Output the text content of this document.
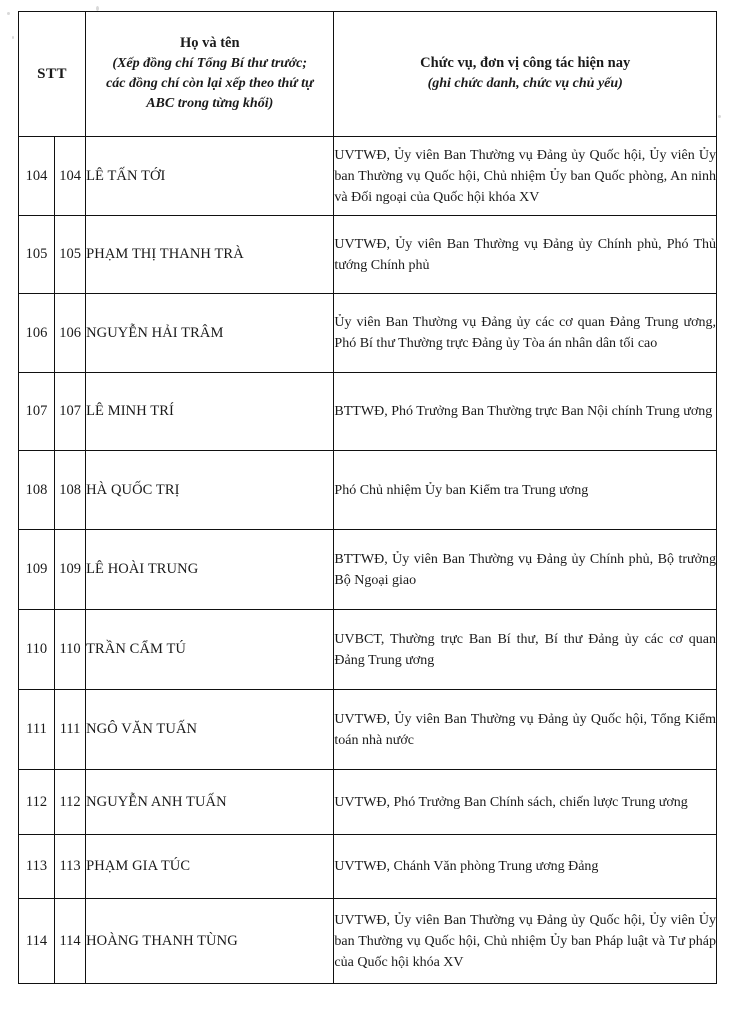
STT		Họ và tên
(Xếp đồng chí Tổng Bí thư trước;
các đồng chí còn lại xếp theo thứ tự
ABC trong từng khối)	Chức vụ, đơn vị công tác hiện nay
(ghi chức danh, chức vụ chủ yếu)

104	104	LÊ TẤN TỚI	UVTWĐ, Ủy viên Ban Thường vụ Đảng ủy Quốc hội, Ủy viên Ủy ban Thường vụ Quốc hội, Chủ nhiệm Ủy ban Quốc phòng, An ninh và Đối ngoại của Quốc hội khóa XV
105	105	PHẠM THỊ THANH TRÀ	UVTWĐ, Ủy viên Ban Thường vụ Đảng ủy Chính phủ, Phó Thủ tướng Chính phủ
106	106	NGUYỄN HẢI TRÂM	Ủy viên Ban Thường vụ Đảng ủy các cơ quan Đảng Trung ương, Phó Bí thư Thường trực Đảng ủy Tòa án nhân dân tối cao
107	107	LÊ MINH TRÍ	BTTWĐ, Phó Trưởng Ban Thường trực Ban Nội chính Trung ương
108	108	HÀ QUỐC TRỊ	Phó Chủ nhiệm Ủy ban Kiểm tra Trung ương
109	109	LÊ HOÀI TRUNG	BTTWĐ, Ủy viên Ban Thường vụ Đảng ủy Chính phủ, Bộ trưởng Bộ Ngoại giao
110	110	TRẦN CẨM TÚ	UVBCT, Thường trực Ban Bí thư, Bí thư Đảng ủy các cơ quan Đảng Trung ương
111	111	NGÔ VĂN TUẤN	UVTWĐ, Ủy viên Ban Thường vụ Đảng ủy Quốc hội, Tổng Kiểm toán nhà nước
112	112	NGUYỄN ANH TUẤN	UVTWĐ, Phó Trưởng Ban Chính sách, chiến lược Trung ương
113	113	PHẠM GIA TÚC	UVTWĐ, Chánh Văn phòng Trung ương Đảng
114	114	HOÀNG THANH TÙNG	UVTWĐ, Ủy viên Ban Thường vụ Đảng ủy Quốc hội, Ủy viên Ủy ban Thường vụ Quốc hội, Chủ nhiệm Ủy ban Pháp luật và Tư pháp của Quốc hội khóa XV
